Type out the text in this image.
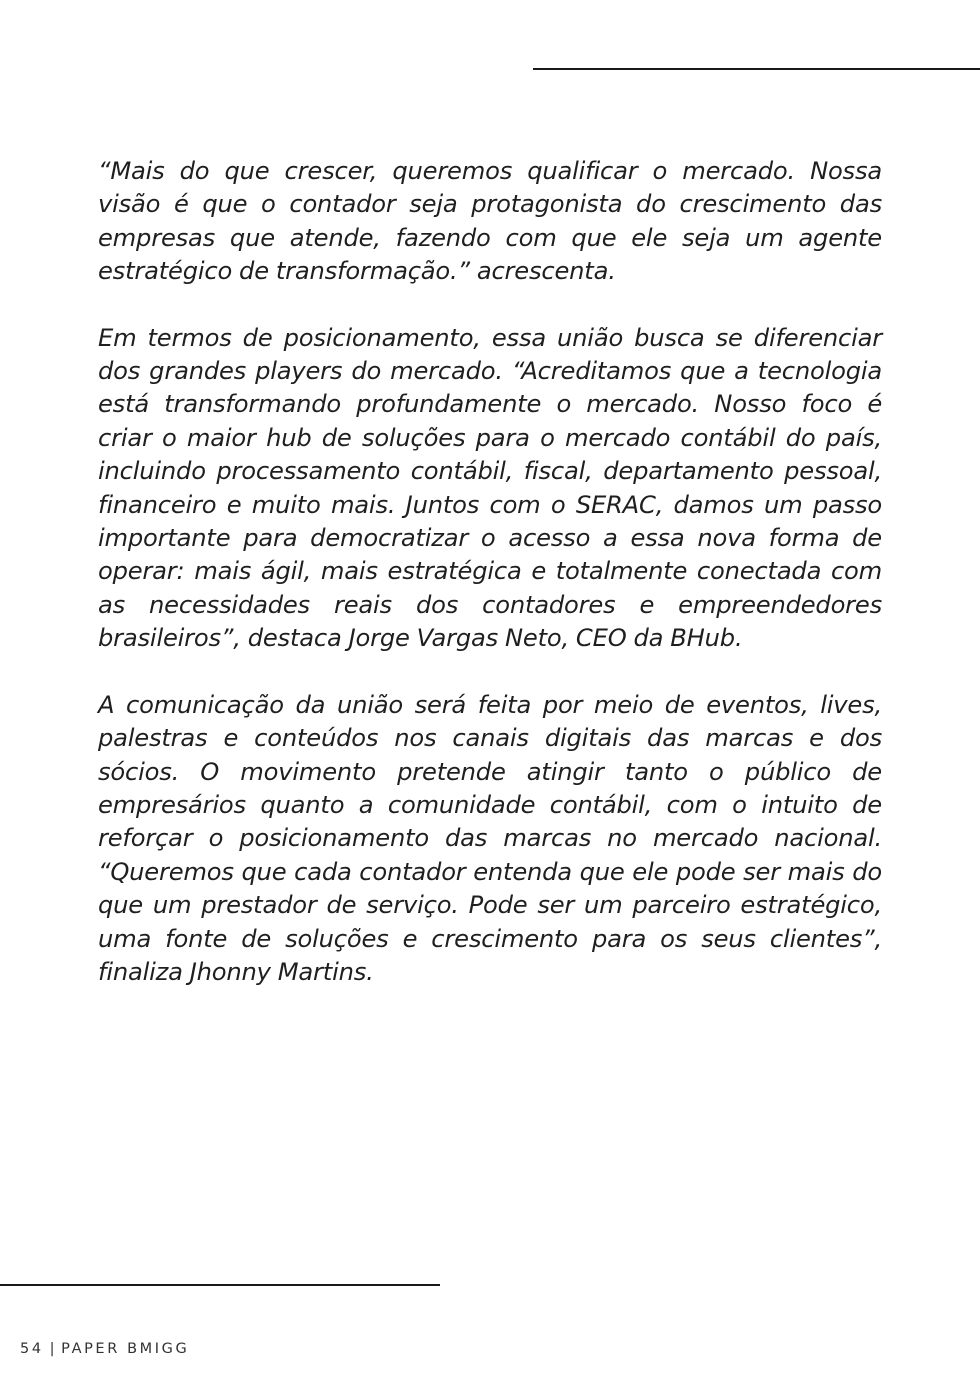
“Mais do que crescer, queremos qualificar o mercado. Nossa visão é que o contador seja protagonista do crescimento das empresas que atende, fazendo com que ele seja um agente estratégico de transformação.” acrescenta.

Em termos de posicionamento, essa união busca se diferenciar dos grandes players do mercado. “Acreditamos que a tecnologia está transformando profundamente o mercado. Nosso foco é criar o maior hub de soluções para o mercado contábil do país, incluindo processamento contábil, fiscal, departamento pessoal, financeiro e muito mais. Juntos com o SERAC, damos um passo importante para democratizar o acesso a essa nova forma de operar: mais ágil, mais estratégica e totalmente conectada com as necessidades reais dos contadores e empreendedores brasileiros”, destaca Jorge Vargas Neto, CEO da BHub.

A comunicação da união será feita por meio de eventos, lives, palestras e conteúdos nos canais digitais das marcas e dos sócios. O movimento pretende atingir tanto o público de empresários quanto a comunidade contábil, com o intuito de reforçar o posicionamento das marcas no mercado nacional. “Queremos que cada contador entenda que ele pode ser mais do que um prestador de serviço. Pode ser um parceiro estratégico, uma fonte de soluções e crescimento para os seus clientes”, finaliza Jhonny Martins.

54 | PAPER BMIGG
